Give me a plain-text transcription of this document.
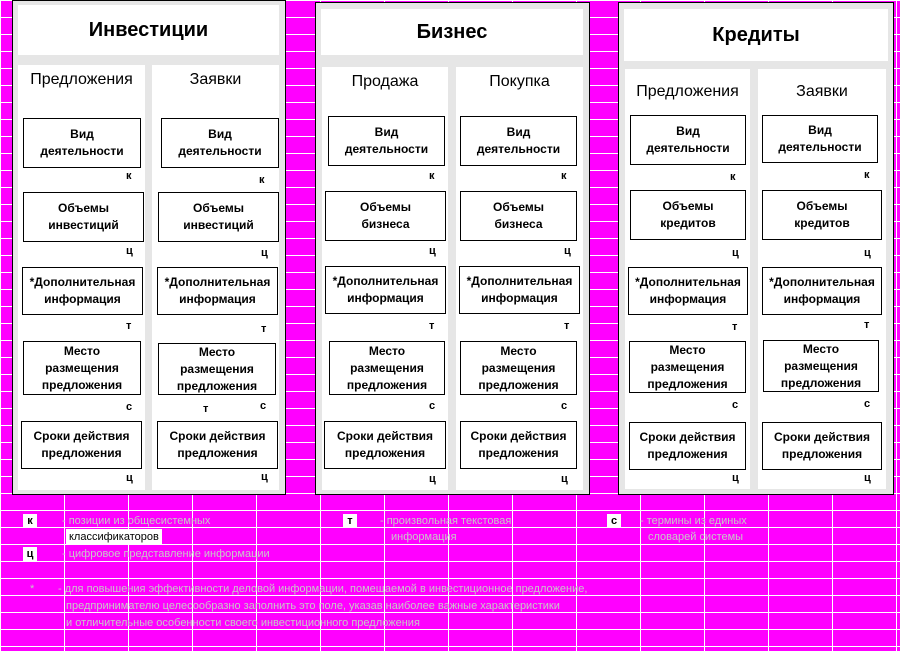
Инвестиции
Предложения
Вид
деятельности
к
Объемы
инвестиций
ц
*Дополнительная
информация
т
Место
размещения
предложения
с
Сроки действия
предложения
ц
Заявки
Вид
деятельности
к
Объемы
инвестиций
ц
*Дополнительная
информация
т
Место
размещения
предложения
т	с
Сроки действия
предложения
ц
Бизнес
Продажа
Вид
деятельности
к
Объемы
бизнеса
ц
*Дополнительная
информация
т
Место
размещения
предложения
с
Сроки действия
предложения
ц
Покупка
Вид
деятельности
к
Объемы
бизнеса
ц
*Дополнительная
информация
т
Место
размещения
предложения
с
Сроки действия
предложения
ц
Кредиты
Предложения
Вид
деятельности
к
Объемы
кредитов
ц
*Дополнительная
информация
т
Место
размещения
предложения
с
Сроки действия
предложения
ц
Заявки
Вид
деятельности
к
Объемы
кредитов
ц
*Дополнительная
информация
т
Место
размещения
предложения
с
Сроки действия
предложения
ц
к	- позиции из общесистемных
классификаторов
т	- произвольная текстовая
информация
с	- термины из единых
словарей системы
ц	- цифровое представление информации
* - для повышения эффективности деловой информации, помещаемой в инвестиционное предложение,
предпринимателю целесообразно заполнить это поле, указав наиболее важные характеристики
и отличительные особенности своего инвестиционного предложения
